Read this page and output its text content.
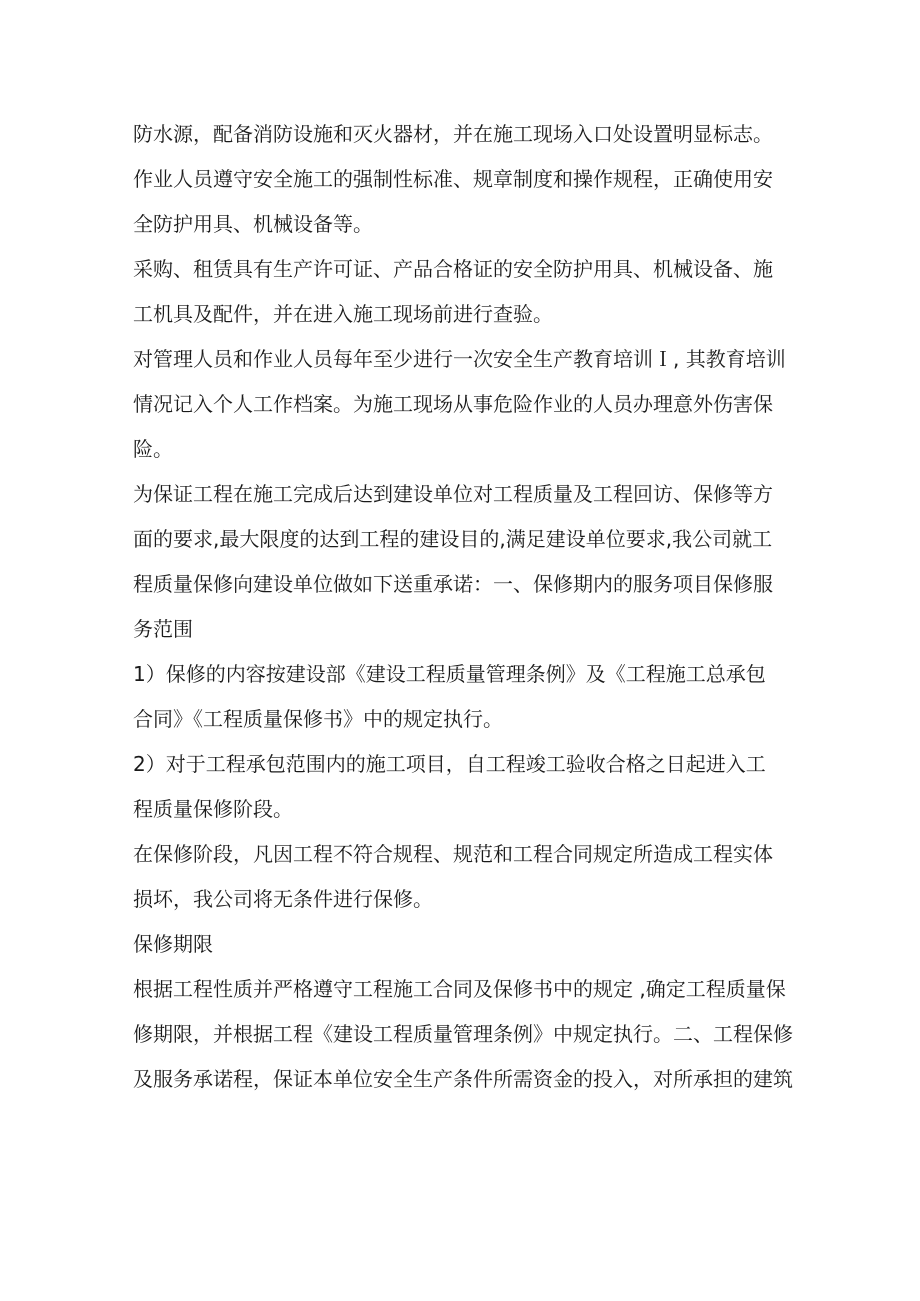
防水源，配备消防设施和灭火器材，并在施工现场入口处设置明显标志。
作业人员遵守安全施工的强制性标准、规章制度和操作规程，正确使用安
全防护用具、机械设备等。
采购、租赁具有生产许可证、产品合格证的安全防护用具、机械设备、施
工机具及配件，并在进入施工现场前进行查验。
对管理人员和作业人员每年至少进行一次安全生产教育培训Ｉ, 其教育培训
情况记入个人工作档案。为施工现场从事危险作业的人员办理意外伤害保
险。
为保证工程在施工完成后达到建设单位对工程质量及工程回访、保修等方
面的要求,最大限度的达到工程的建设目的,满足建设单位要求,我公司就工
程质量保修向建设单位做如下送重承诺：一、保修期内的服务项目保修服
务范围
1）保修的内容按建设部《建设工程质量管理条例》及《工程施工总承包
合同》《工程质量保修书》中的规定执行。
2）对于工程承包范围内的施工项目，自工程竣工验收合格之日起进入工
程质量保修阶段。
在保修阶段，凡因工程不符合规程、规范和工程合同规定所造成工程实体
损坏，我公司将无条件进行保修。
保修期限
根据工程性质并严格遵守工程施工合同及保修书中的规定 ,确定工程质量保
修期限，并根据工程《建设工程质量管理条例》中规定执行。二、工程保修
及服务承诺程，保证本单位安全生产条件所需资金的投入，对所承担的建筑
